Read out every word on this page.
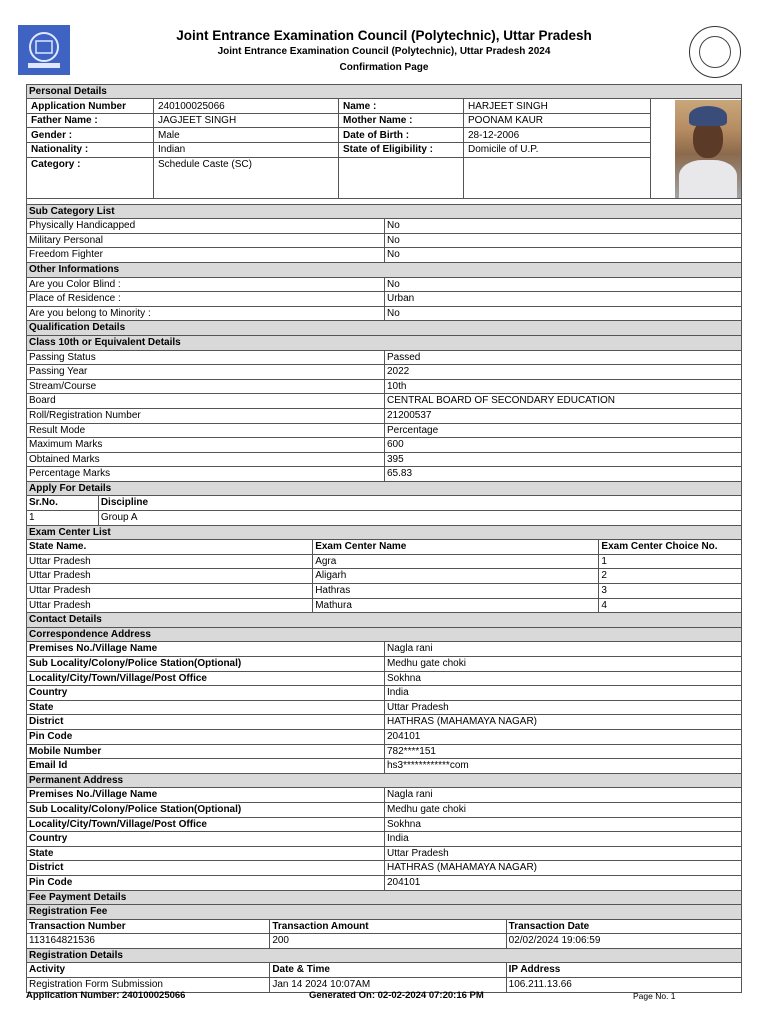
Joint Entrance Examination Council (Polytechnic), Uttar Pradesh
Joint Entrance Examination Council (Polytechnic), Uttar Pradesh 2024
Confirmation Page
Personal Details
Application Number	240100025066	Name :	HARJEET SINGH
Father Name :	JAGJEET SINGH	Mother Name :	POONAM KAUR
Gender :	Male	Date of Birth :	28-12-2006
Nationality :	Indian	State of Eligibility :	Domicile of U.P.
Category :	Schedule Caste (SC)
Sub Category List
Physically Handicapped	No
Military Personal	No
Freedom Fighter	No
Other Informations
Are you Color Blind :	No
Place of Residence :	Urban
Are you belong to Minority :	No
Qualification Details
Class 10th or Equivalent Details
Passing Status	Passed
Passing Year	2022
Stream/Course	10th
Board	CENTRAL BOARD OF SECONDARY EDUCATION
Roll/Registration Number	21200537
Result Mode	Percentage
Maximum Marks	600
Obtained Marks	395
Percentage Marks	65.83
Apply For Details
Sr.No.	Discipline
1	Group A
Exam Center List
State Name.	Exam Center Name	Exam Center Choice No.
Uttar Pradesh	Agra	1
Uttar Pradesh	Aligarh	2
Uttar Pradesh	Hathras	3
Uttar Pradesh	Mathura	4
Contact Details
Correspondence Address
Premises No./Village Name	Nagla rani
Sub Locality/Colony/Police Station(Optional)	Medhu gate choki
Locality/City/Town/Village/Post Office	Sokhna
Country	India
State	Uttar Pradesh
District	HATHRAS (MAHAMAYA NAGAR)
Pin Code	204101
Mobile Number	782****151
Email Id	hs3************com
Permanent Address
Premises No./Village Name	Nagla rani
Sub Locality/Colony/Police Station(Optional)	Medhu gate choki
Locality/City/Town/Village/Post Office	Sokhna
Country	India
State	Uttar Pradesh
District	HATHRAS (MAHAMAYA NAGAR)
Pin Code	204101
Fee Payment Details
Registration Fee
Transaction Number	Transaction Amount	Transaction Date
113164821536	200	02/02/2024 19:06:59
Registration Details
Activity	Date & Time	IP Address
Registration Form Submission	Jan 14 2024 10:07AM	106.211.13.66
Application Number: 240100025066	Generated On: 02-02-2024 07:20:16 PM	Page No. 1
